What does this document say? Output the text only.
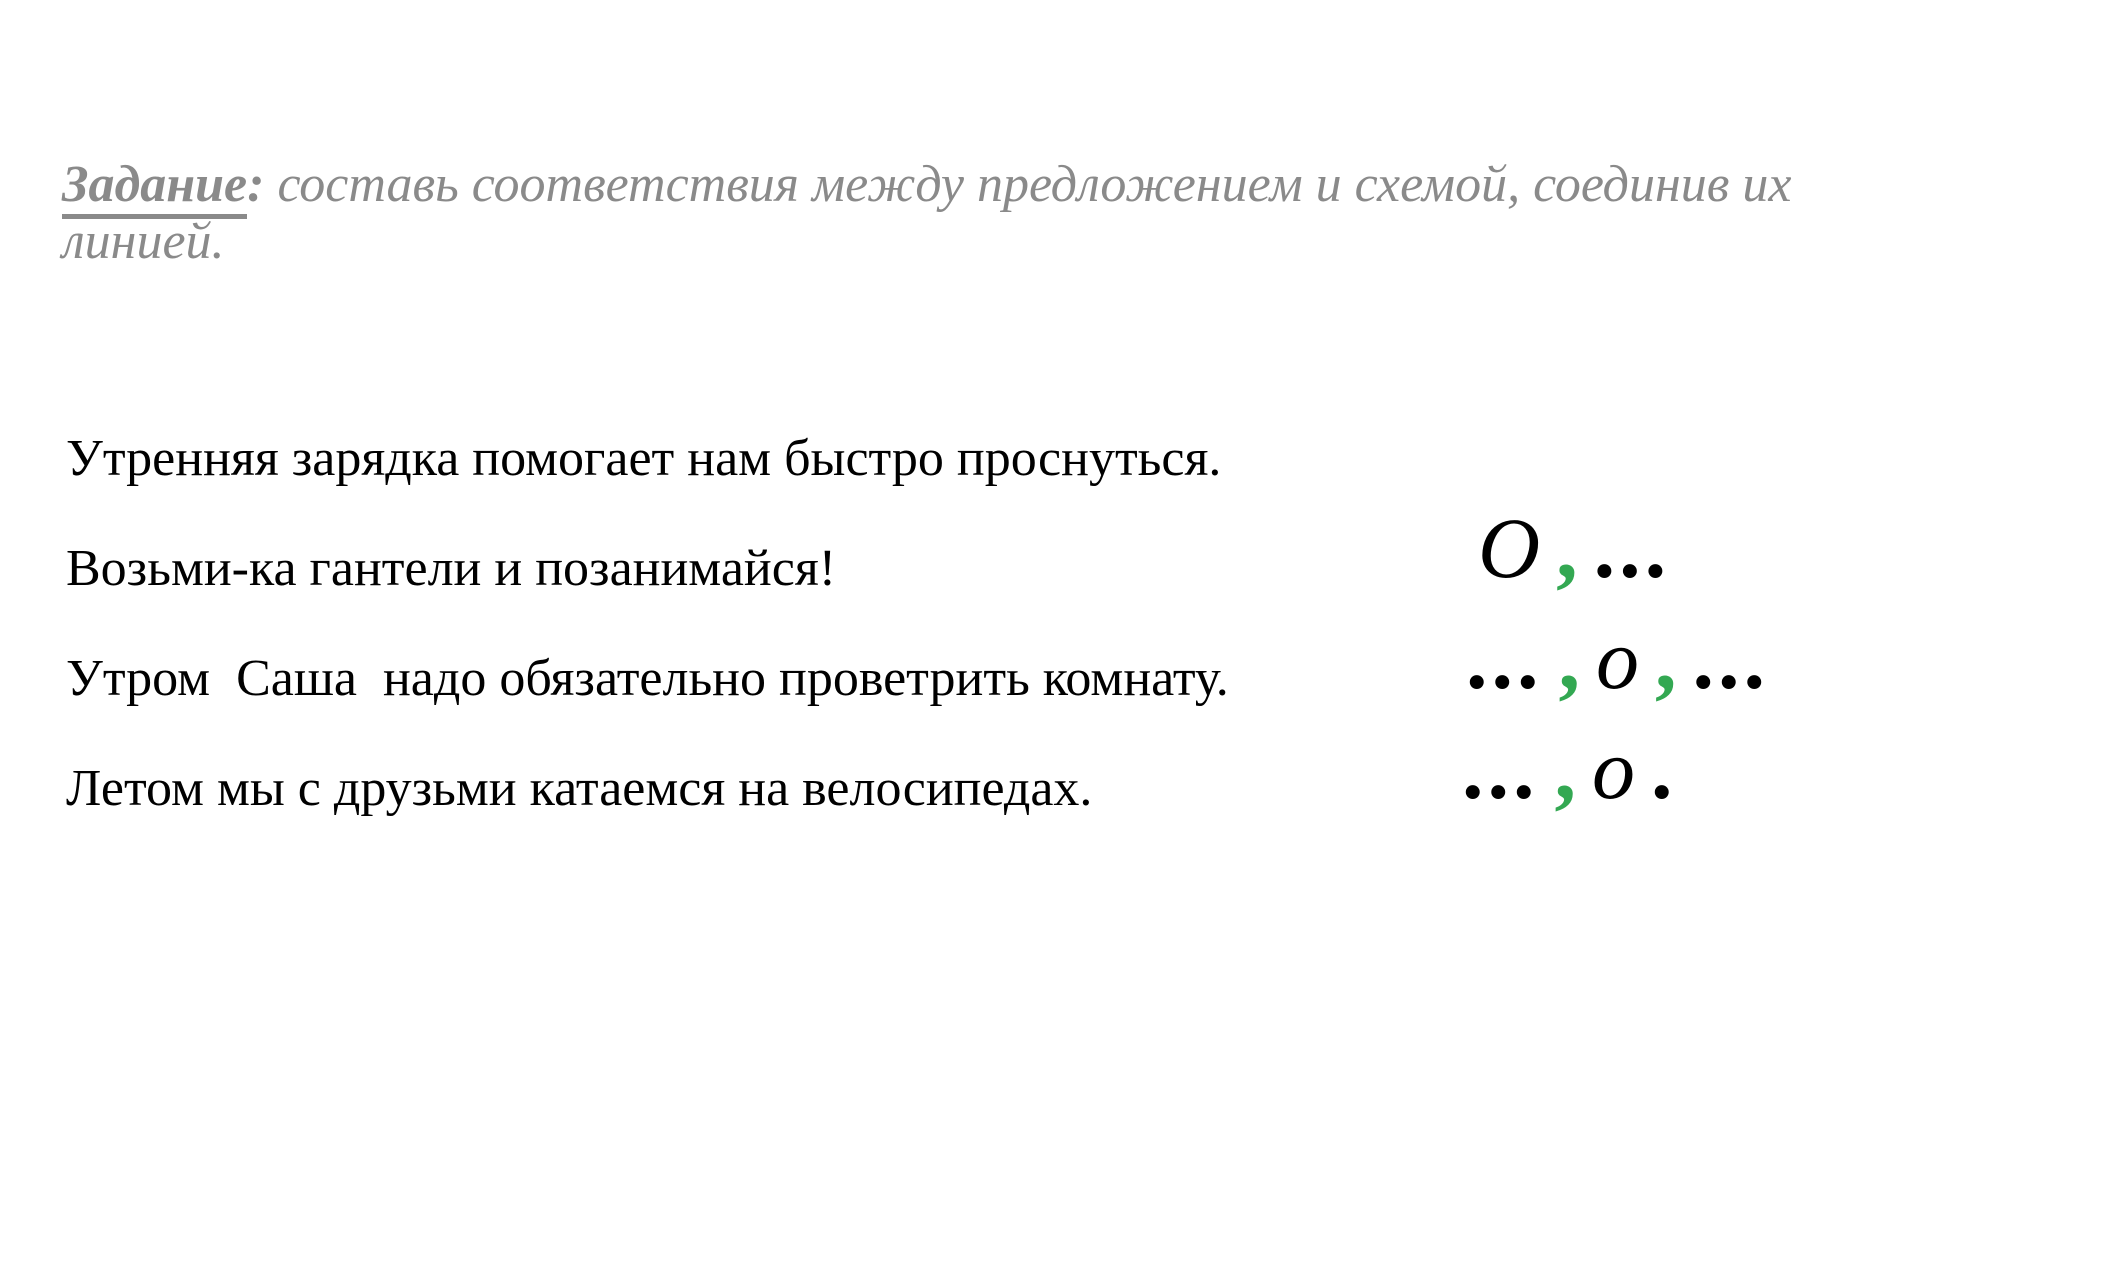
Задание: составь соответствия между предложением и схемой, соединив их
линией.
Утренняя зарядка помогает нам быстро проснуться.
Возьми-ка гантели и позанимайся!
Утром  Саша  надо обязательно проветрить комнату.
Летом мы с друзьми катаемся на велосипедах.
О , ...
... , о , ...
... , о .
